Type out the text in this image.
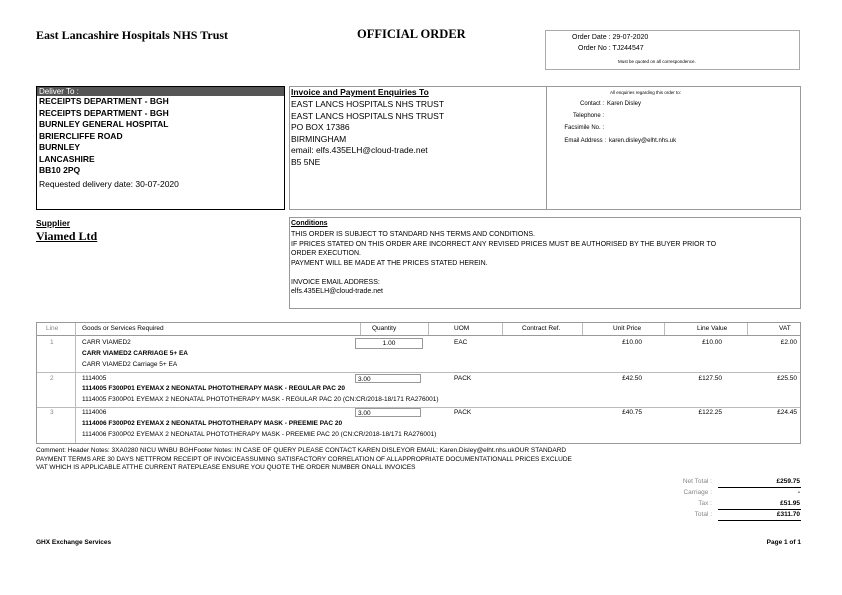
East Lancashire Hospitals NHS Trust	OFFICIAL ORDER	Order Date : 29-07-2020
Order No : TJ244547
Must be quoted on all correspondence.
Deliver To :
RECEIPTS DEPARTMENT - BGH
RECEIPTS DEPARTMENT - BGH
BURNLEY GENERAL HOSPITAL
BRIERCLIFFE ROAD
BURNLEY
LANCASHIRE
BB10 2PQ
Requested delivery date: 30-07-2020
Invoice and Payment Enquiries To
EAST LANCS HOSPITALS NHS TRUST
EAST LANCS HOSPITALS NHS TRUST
PO BOX 17386
BIRMINGHAM
email: elfs.435ELH@cloud-trade.net
B5 5NE
All enquiries regarding this order to:
Contact : Karen Disley
Telephone :
Facsimile No. :
Email Address : karen.disley@elht.nhs.uk
Supplier
Viamed Ltd
Conditions
THIS ORDER IS SUBJECT TO STANDARD NHS TERMS AND CONDITIONS.
IF PRICES STATED ON THIS ORDER ARE INCORRECT ANY REVISED PRICES MUST BE AUTHORISED BY THE BUYER PRIOR TO
ORDER EXECUTION.
PAYMENT WILL BE MADE AT THE PRICES STATED HEREIN.
INVOICE EMAIL ADDRESS:
elfs.435ELH@cloud-trade.net
Line	Goods or Services Required	Quantity	UOM	Contract Ref.	Unit Price	Line Value	VAT
1	CARR VIAMED2
CARR VIAMED2 CARRIAGE 5+ EA
CARR VIAMED2 Carriage 5+ EA
1.00	EAC	£10.00	£10.00	£2.00
2	1114005
1114005 F300P01 EYEMAX 2 NEONATAL PHOTOTHERAPY MASK - REGULAR PAC 20
1114005 F300P01 EYEMAX 2 NEONATAL PHOTOTHERAPY MASK - REGULAR PAC 20 (CN:CR/2018-18/171 RA276001)
3.00	PACK	£42.50	£127.50	£25.50
3	1114006
1114006 F300P02 EYEMAX 2 NEONATAL PHOTOTHERAPY MASK - PREEMIE PAC 20
1114006 F300P02 EYEMAX 2 NEONATAL PHOTOTHERAPY MASK - PREEMIE PAC 20 (CN:CR/2018-18/171 RA276001)
3.00	PACK	£40.75	£122.25	£24.45
Comment: Header Notes: 3XA0280 NICU WNBU BGHFooter Notes: IN CASE OF QUERY PLEASE CONTACT KAREN DISLEYOR EMAIL: Karen.Disley@elht.nhs.ukOUR STANDARD
PAYMENT TERMS ARE 30 DAYS NETTFROM RECEIPT OF INVOICEASSUMING SATISFACTORY CORRELATION OF ALLAPPROPRIATE DOCUMENTATIONALL PRICES EXCLUDE
VAT WHICH IS APPLICABLE ATTHE CURRENT RATEPLEASE ENSURE YOU QUOTE THE ORDER NUMBER ONALL INVOICES
Net Total :	£259.75
Carriage :	-
Tax :	£51.95
Total :	£311.70
GHX Exchange Services	Page 1 of 1
